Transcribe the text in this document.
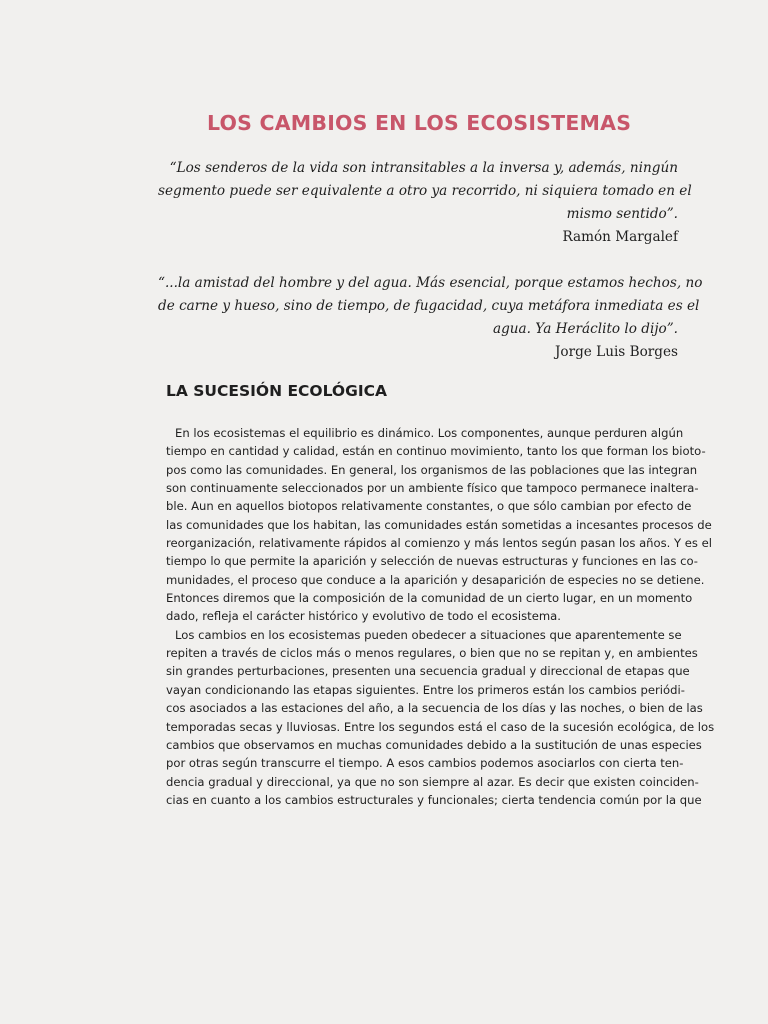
LOS CAMBIOS EN LOS ECOSISTEMAS
“Los senderos de la vida son intransitables a la inversa y, además, ningún
segmento puede ser equivalente a otro ya recorrido, ni siquiera tomado en el
mismo sentido”.
Ramón Margalef
“...la amistad del hombre y del agua. Más esencial, porque estamos hechos, no
de carne y hueso, sino de tiempo, de fugacidad, cuya metáfora inmediata es el
agua. Ya Heráclito lo dijo”.
Jorge Luis Borges
LA SUCESIÓN ECOLÓGICA
En los ecosistemas el equilibrio es dinámico. Los componentes, aunque perduren algún
tiempo en cantidad y calidad, están en continuo movimiento, tanto los que forman los bioto-
pos como las comunidades. En general, los organismos de las poblaciones que las integran
son continuamente seleccionados por un ambiente físico que tampoco permanece inaltera-
ble. Aun en aquellos biotopos relativamente constantes, o que sólo cambian por efecto de
las comunidades que los habitan, las comunidades están sometidas a incesantes procesos de
reorganización, relativamente rápidos al comienzo y más lentos según pasan los años. Y es el
tiempo lo que permite la aparición y selección de nuevas estructuras y funciones en las co-
munidades, el proceso que conduce a la aparición y desaparición de especies no se detiene.
Entonces diremos que la composición de la comunidad de un cierto lugar, en un momento
dado, refleja el carácter histórico y evolutivo de todo el ecosistema.
Los cambios en los ecosistemas pueden obedecer a situaciones que aparentemente se
repiten a través de ciclos más o menos regulares, o bien que no se repitan y, en ambientes
sin grandes perturbaciones, presenten una secuencia gradual y direccional de etapas que
vayan condicionando las etapas siguientes. Entre los primeros están los cambios periódi-
cos asociados a las estaciones del año, a la secuencia de los días y las noches, o bien de las
temporadas secas y lluviosas. Entre los segundos está el caso de la sucesión ecológica, de los
cambios que observamos en muchas comunidades debido a la sustitución de unas especies
por otras según transcurre el tiempo. A esos cambios podemos asociarlos con cierta ten-
dencia gradual y direccional, ya que no son siempre al azar. Es decir que existen coinciden-
cias en cuanto a los cambios estructurales y funcionales; cierta tendencia común por la que
